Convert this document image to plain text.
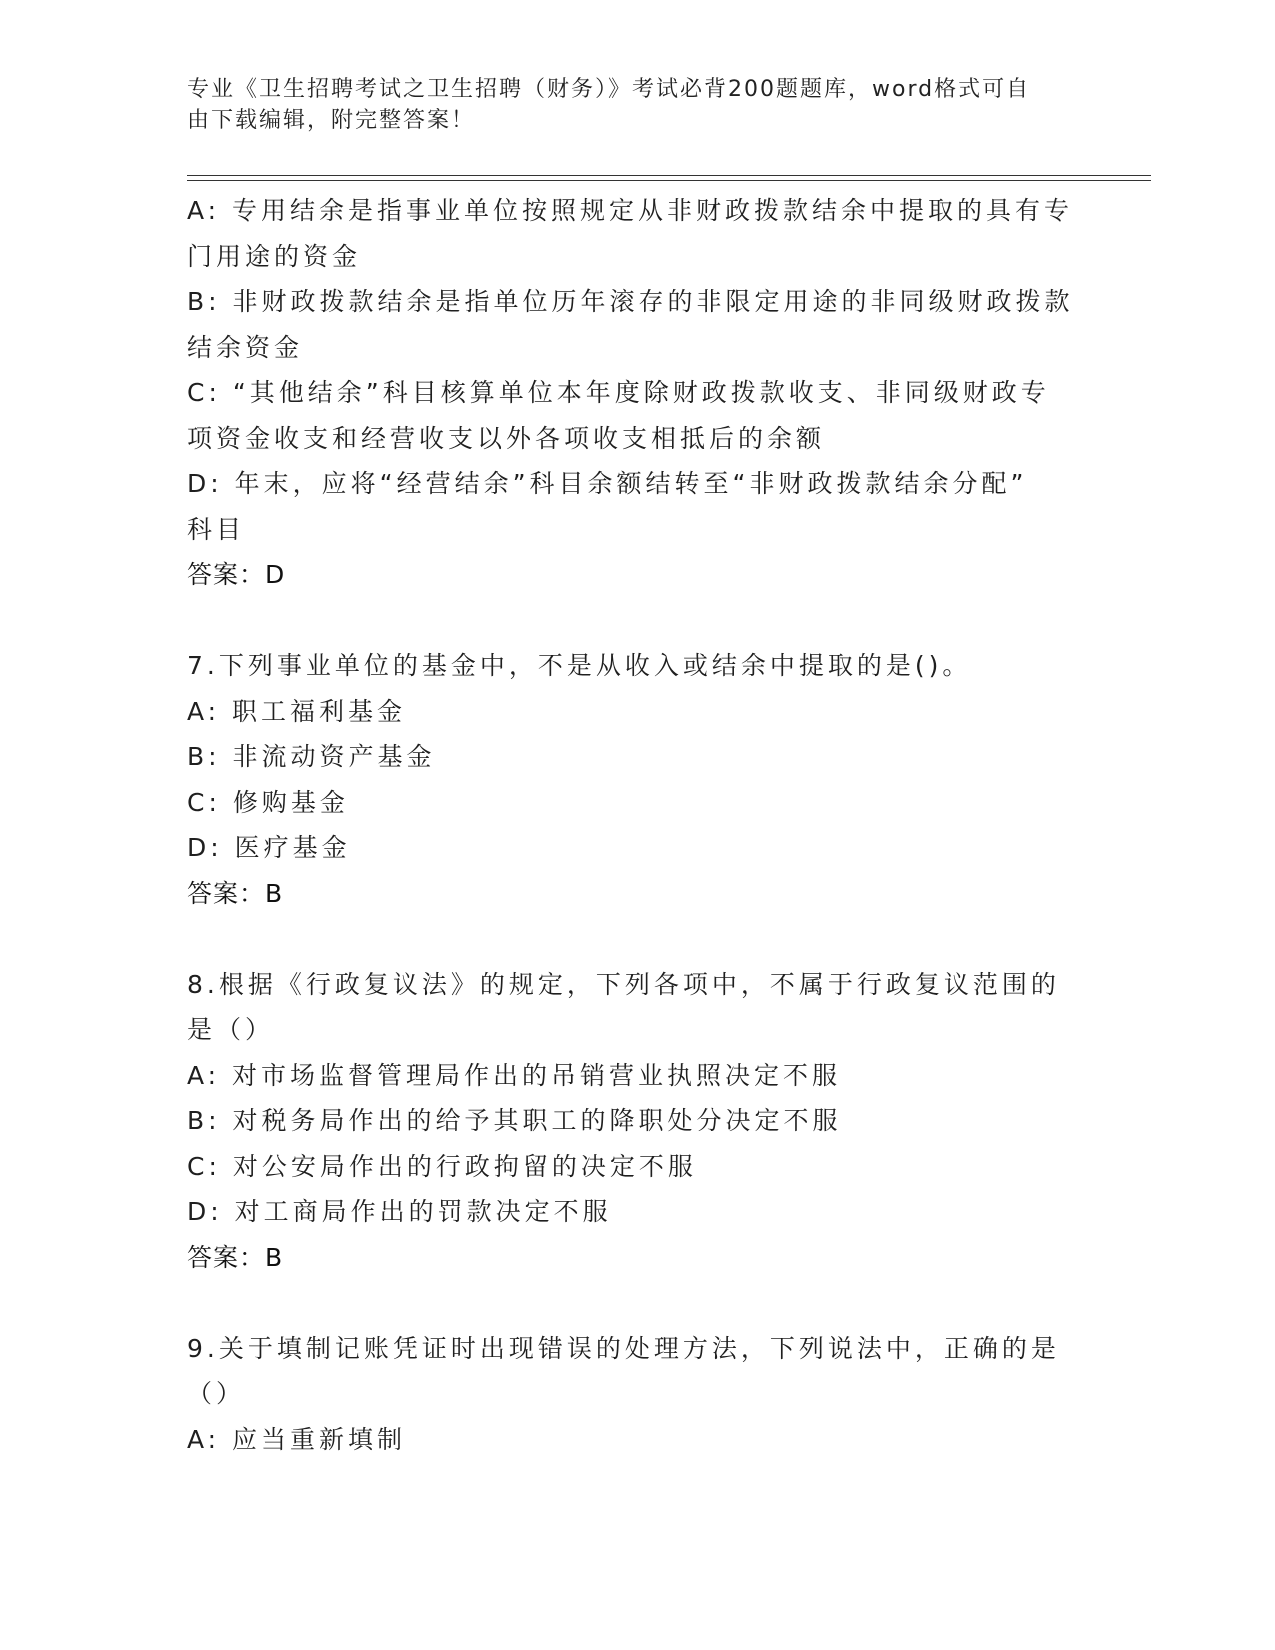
专业《卫生招聘考试之卫生招聘（财务）》考试必背200题题库，word格式可自
由下载编辑，附完整答案！
A: 专用结余是指事业单位按照规定从非财政拨款结余中提取的具有专
门用途的资金
B: 非财政拨款结余是指单位历年滚存的非限定用途的非同级财政拨款
结余资金
C: “其他结余”科目核算单位本年度除财政拨款收支、非同级财政专
项资金收支和经营收支以外各项收支相抵后的余额
D: 年末，应将“经营结余”科目余额结转至“非财政拨款结余分配”
科目
答案：D
7.下列事业单位的基金中，不是从收入或结余中提取的是()。
A: 职工福利基金
B: 非流动资产基金
C: 修购基金
D: 医疗基金
答案：B
8.根据《行政复议法》的规定，下列各项中，不属于行政复议范围的
是（）
A: 对市场监督管理局作出的吊销营业执照决定不服
B: 对税务局作出的给予其职工的降职处分决定不服
C: 对公安局作出的行政拘留的决定不服
D: 对工商局作出的罚款决定不服
答案：B
9.关于填制记账凭证时出现错误的处理方法，下列说法中，正确的是
（）
A: 应当重新填制
